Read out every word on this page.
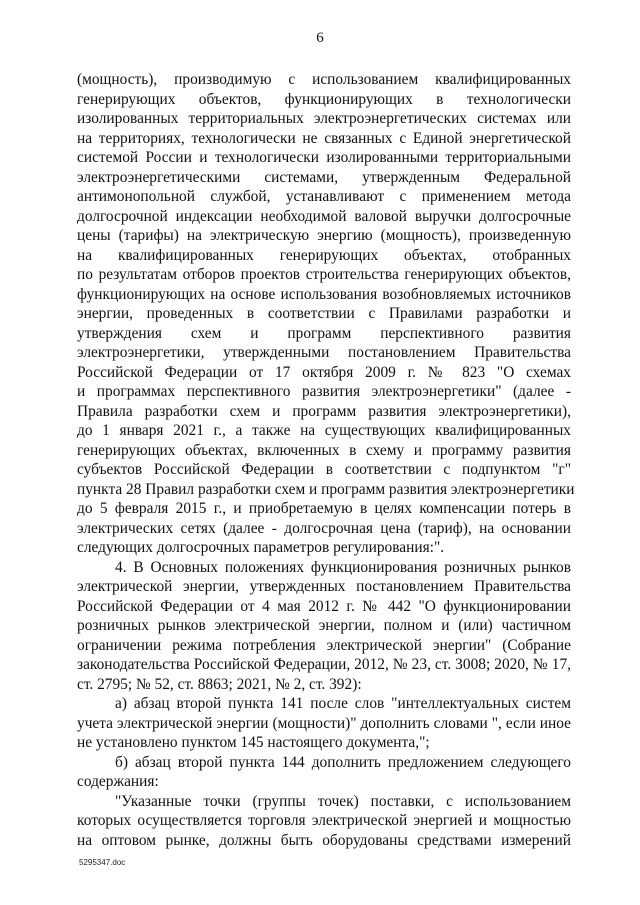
6
(мощность), производимую с использованием квалифицированных
генерирующих объектов, функционирующих в технологически
изолированных территориальных электроэнергетических системах или
на территориях, технологически не связанных с Единой энергетической
системой России и технологически изолированными территориальными
электроэнергетическими системами, утвержденным Федеральной
антимонопольной службой, устанавливают с применением метода
долгосрочной индексации необходимой валовой выручки долгосрочные
цены (тарифы) на электрическую энергию (мощность), произведенную
на квалифицированных генерирующих объектах, отобранных
по результатам отборов проектов строительства генерирующих объектов,
функционирующих на основе использования возобновляемых источников
энергии, проведенных в соответствии с Правилами разработки и
утверждения схем и программ перспективного развития
электроэнергетики, утвержденными постановлением Правительства
Российской Федерации от 17 октября 2009 г. № 823 "О схемах
и программах перспективного развития электроэнергетики" (далее -
Правила разработки схем и программ развития электроэнергетики),
до 1 января 2021 г., а также на существующих квалифицированных
генерирующих объектах, включенных в схему и программу развития
субъектов Российской Федерации в соответствии с подпунктом "г"
пункта 28 Правил разработки схем и программ развития электроэнергетики
до 5 февраля 2015 г., и приобретаемую в целях компенсации потерь в
электрических сетях (далее - долгосрочная цена (тариф), на основании
следующих долгосрочных параметров регулирования:".
4. В Основных положениях функционирования розничных рынков
электрической энергии, утвержденных постановлением Правительства
Российской Федерации от 4 мая 2012 г. № 442 "О функционировании
розничных рынков электрической энергии, полном и (или) частичном
ограничении режима потребления электрической энергии" (Собрание
законодательства Российской Федерации, 2012, № 23, ст. 3008; 2020, № 17,
ст. 2795; № 52, ст. 8863; 2021, № 2, ст. 392):
а) абзац второй пункта 141 после слов "интеллектуальных систем
учета электрической энергии (мощности)" дополнить словами ", если иное
не установлено пунктом 145 настоящего документа,";
б) абзац второй пункта 144 дополнить предложением следующего
содержания:
"Указанные точки (группы точек) поставки, с использованием
которых осуществляется торговля электрической энергией и мощностью
на оптовом рынке, должны быть оборудованы средствами измерений
5295347.doc
